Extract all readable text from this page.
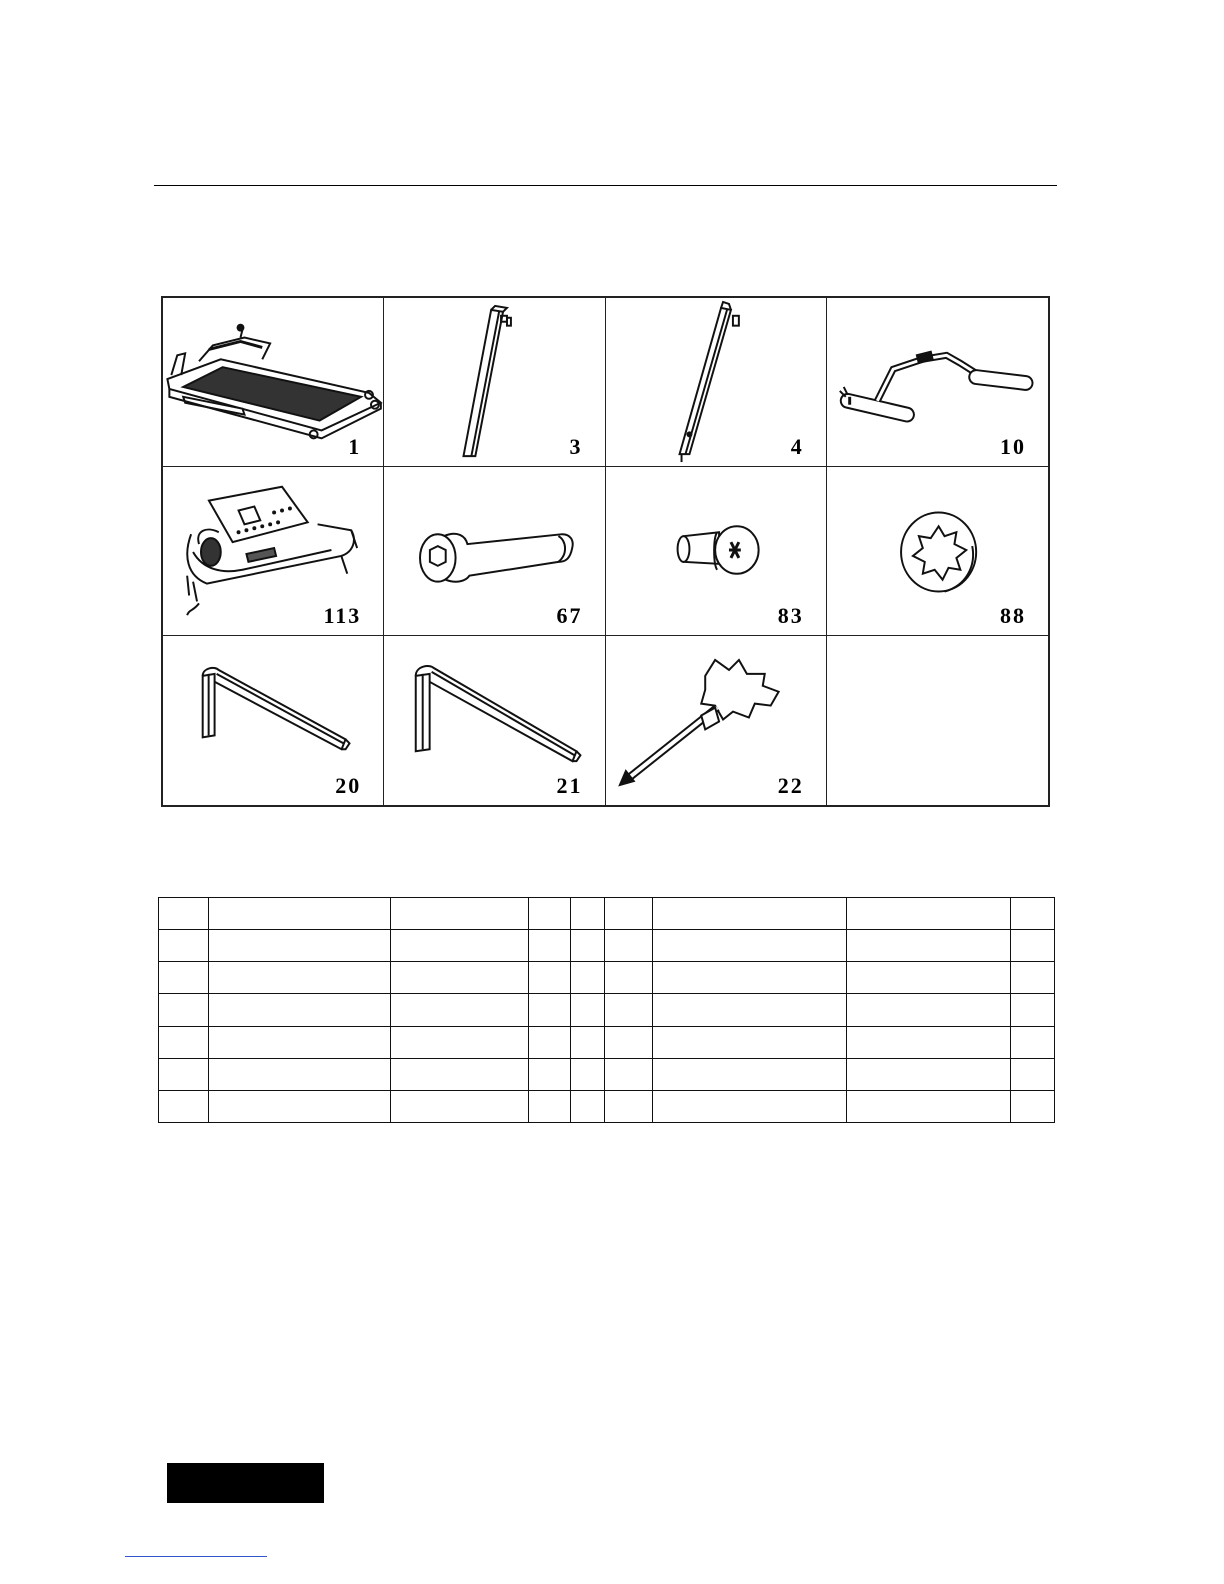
1	3	4	10
113	67	83	88
20	21	22
